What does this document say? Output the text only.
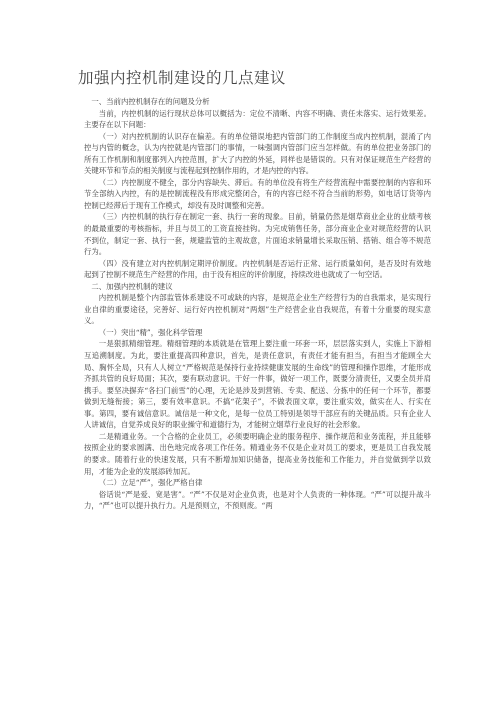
加强内控机制建设的几点建议

一、当前内控机制存在的问题及分析

当前，内控机制的运行现状总体可以概括为：定位不清晰、内容不明确、责任未落实、运行效果差。主要存在以下问题：

（一）对内控机制的认识存在偏差。有的单位错误地把内管部门的工作制度当成内控机制，混淆了内控与内管的概念，认为内控就是内管部门的事情，一味强调内管部门应当怎样做。有的单位把业务部门的所有工作机制和制度都列入内控范围，扩大了内控的外延，同样也是错误的。只有对保证规范生产经营的关键环节和节点的相关制度与流程起到控制作用的，才是内控的内容。

（二）内控制度不健全，部分内容缺失、滞后。有的单位没有将生产经营流程中需要控制的内容和环节全部纳入内控，有的是控制流程没有形成完整闭合，有的内容已经不符合当前的形势，如电话订货等内控制已经滞后于现有工作模式，却没有及时调整和完善。

（三）内控机制的执行存在制定一套、执行一套的现象。目前，销量仍然是烟草商业企业的业绩考核的最最重要的考核指标，并且与员工的工资直接挂钩。为完成销售任务，部分商业企业对规范经营的认识不到位，制定一套、执行一套，规避监管的主观故意，片面追求销量增长采取压销、搭销、组合等不规范行为。

（四）没有建立对内控机制定期评价制度。内控机制是否运行正常、运行质量如何，是否及时有效地起到了控制不规范生产经营的作用，由于没有相应的评价制度，持续改进也就成了一句空话。

二、加强内控机制的建议

内控机制是整个内部监管体系建设不可或缺的内容，是规范企业生产经营行为的自我需求，是实现行业自律的重要途径，完善好、运行好内控机制对“两烟”生产经营企业自我规范，有着十分重要的现实意义。

（一）突出“精”，强化科学管理

一是狠抓精细管理。精细管理的本质就是在管理上要注重一环套一环，层层落实到人，实施上下游相互追溯制度。为此，要注重提高四种意识，首先，是责任意识，有责任才能有担当，有担当才能顾全大局、胸怀全局，只有人人树立“严格规范是保持行业持续健康发展的生命线”的管理和操作思维，才能形成齐抓共管的良好局面；其次，要有联动意识。干好一件事，做好一项工作，既要分清责任，又要全员并肩携手。要坚决摒弃“各扫门前雪”的心理，无论是涉及到营销、专卖、配送、分拣中的任何一个环节，都要做到无缝衔接；第三，要有效率意识。不搞“花架子”，不做表面文章，要注重实效，做实在人、行实在事。第四，要有诚信意识。诚信是一种文化，是每一位员工特别是领导干部应有的关键品质。只有企业人人讲诚信，自觉养成良好的职业操守和道德行为，才能树立烟草行业良好的社会形象。

二是精通业务。一个合格的企业员工，必须要明确企业的服务程序、操作规范和业务流程，并且能够按照企业的要求圆满、出色地完成各项工作任务。精通业务不仅是企业对员工的要求，更是员工自我发展的要求。随着行业的快速发展，只有不断增加知识储备，提高业务技能和工作能力，并自觉做到学以致用，才能为企业的发展添砖加瓦。

（二）立足“严”，强化严格自律

俗话说“严是爱、宽是害”。“严”不仅是对企业负责，也是对个人负责的一种体现。“严”可以提升战斗力，“严”也可以提升执行力。凡是预则立，不预则废。“两
